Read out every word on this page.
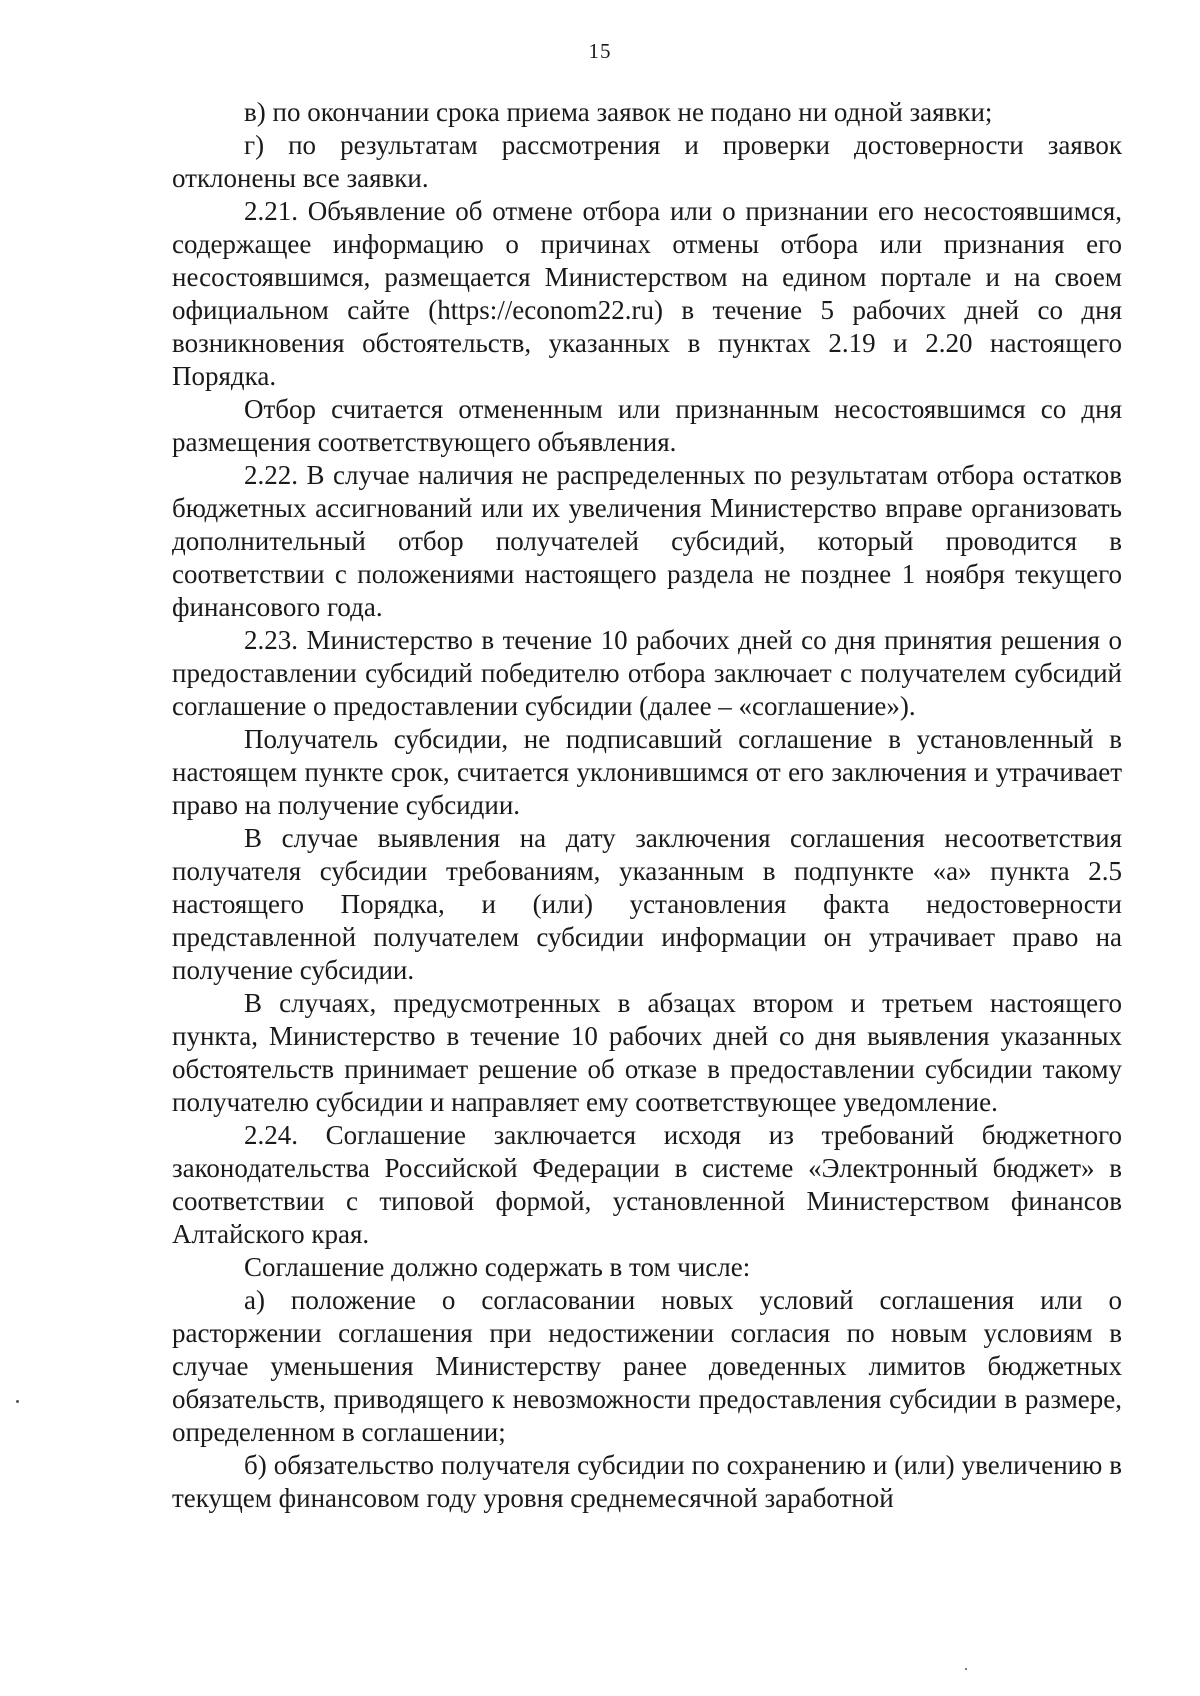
15

в) по окончании срока приема заявок не подано ни одной заявки;

г) по результатам рассмотрения и проверки достоверности заявок отклонены все заявки.

2.21. Объявление об отмене отбора или о признании его несостоявшимся, содержащее информацию о причинах отмены отбора или признания его несостоявшимся, размещается Министерством на едином портале и на своем официальном сайте (https://econom22.ru) в течение 5 рабочих дней со дня возникновения обстоятельств, указанных в пунктах 2.19 и 2.20 настоящего Порядка.

Отбор считается отмененным или признанным несостоявшимся со дня размещения соответствующего объявления.

2.22. В случае наличия не распределенных по результатам отбора остатков бюджетных ассигнований или их увеличения Министерство вправе организовать дополнительный отбор получателей субсидий, который проводится в соответствии с положениями настоящего раздела не позднее 1 ноября текущего финансового года.

2.23. Министерство в течение 10 рабочих дней со дня принятия решения о предоставлении субсидий победителю отбора заключает с получателем субсидий соглашение о предоставлении субсидии (далее – «соглашение»).

Получатель субсидии, не подписавший соглашение в установленный в настоящем пункте срок, считается уклонившимся от его заключения и утрачивает право на получение субсидии.

В случае выявления на дату заключения соглашения несоответствия получателя субсидии требованиям, указанным в подпункте «а» пункта 2.5 настоящего Порядка, и (или) установления факта недостоверности представленной получателем субсидии информации он утрачивает право на получение субсидии.

В случаях, предусмотренных в абзацах втором и третьем настоящего пункта, Министерство в течение 10 рабочих дней со дня выявления указанных обстоятельств принимает решение об отказе в предоставлении субсидии такому получателю субсидии и направляет ему соответствующее уведомление.

2.24. Соглашение заключается исходя из требований бюджетного законодательства Российской Федерации в системе «Электронный бюджет» в соответствии с типовой формой, установленной Министерством финансов Алтайского края.

Соглашение должно содержать в том числе:

а) положение о согласовании новых условий соглашения или о расторжении соглашения при недостижении согласия по новым условиям в случае уменьшения Министерству ранее доведенных лимитов бюджетных обязательств, приводящего к невозможности предоставления субсидии в размере, определенном в соглашении;

б) обязательство получателя субсидии по сохранению и (или) увеличению в текущем финансовом году уровня среднемесячной заработной
